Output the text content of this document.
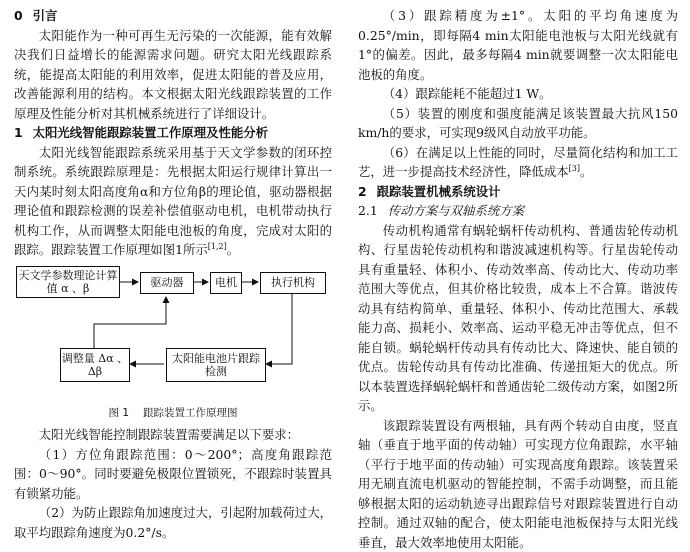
0 引言

太阳能作为一种可再生无污染的一次能源，能有效解决我们日益增长的能源需求问题。研究太阳光线跟踪系统，能提高太阳能的利用效率，促进太阳能的普及应用，改善能源利用的结构。本文根据太阳光线跟踪装置的工作原理及性能分析对其机械系统进行了详细设计。

1 太阳光线智能跟踪装置工作原理及性能分析

太阳光线智能跟踪系统采用基于天文学参数的闭环控制系统。系统跟踪原理是：先根据太阳运行规律计算出一天内某时刻太阳高度角α和方位角β的理论值，驱动器根据理论值和跟踪检测的误差补偿值驱动电机，电机带动执行机构工作，从而调整太阳能电池板的角度，完成对太阳的跟踪。跟踪装置工作原理如图1所示[1,2]。

天文学参数理论计算值 α 、β	驱动器	电机	执行机构
调整量 Δα 、Δβ
太阳能电池片跟踪检测

图 1 跟踪装置工作原理图

太阳光线智能控制跟踪装置需要满足以下要求：

（1）方位角跟踪范围：0～200°；高度角跟踪范围：0～90°。同时要避免极限位置锁死，不跟踪时装置具有锁紧功能。

（2）为防止跟踪角加速度过大，引起附加载荷过大，取平均跟踪角速度为0.2°/s。

（3）跟踪精度为±1°。太阳的平均角速度为0.25°/min，即每隔4 min太阳能电池板与太阳光线就有1°的偏差。因此，最多每隔4 min就要调整一次太阳能电池板的角度。

（4）跟踪能耗不能超过1 W。

（5）装置的刚度和强度能满足该装置最大抗风150 km/h的要求，可实现9级风自动放平功能。

（6）在满足以上性能的同时，尽量简化结构和加工工艺，进一步提高技术经济性，降低成本[3]。

2 跟踪装置机械系统设计

2.1 传动方案与双轴系统方案

传动机构通常有蜗轮蜗杆传动机构、普通齿轮传动机构、行星齿轮传动机构和谐波减速机构等。行星齿轮传动具有重量轻、体积小、传动效率高、传动比大、传动功率范围大等优点，但其价格比较贵，成本上不合算。谐波传动具有结构简单、重量轻、体积小、传动比范围大、承载能力高、损耗小、效率高、运动平稳无冲击等优点，但不能自锁。蜗轮蜗杆传动具有传动比大、降速快、能自锁的优点。齿轮传动具有传动比准确、传递扭矩大的优点。所以本装置选择蜗轮蜗杆和普通齿轮二级传动方案，如图2所示。

该跟踪装置设有两根轴，具有两个转动自由度，竖直轴（垂直于地平面的传动轴）可实现方位角跟踪，水平轴（平行于地平面的传动轴）可实现高度角跟踪。该装置采用无刷直流电机驱动的智能控制，不需手动调整，而且能够根据太阳的运动轨迹寻出跟踪信号对跟踪装置进行自动控制。通过双轴的配合，使太阳能电池板保持与太阳光线垂直，最大效率地使用太阳能。
